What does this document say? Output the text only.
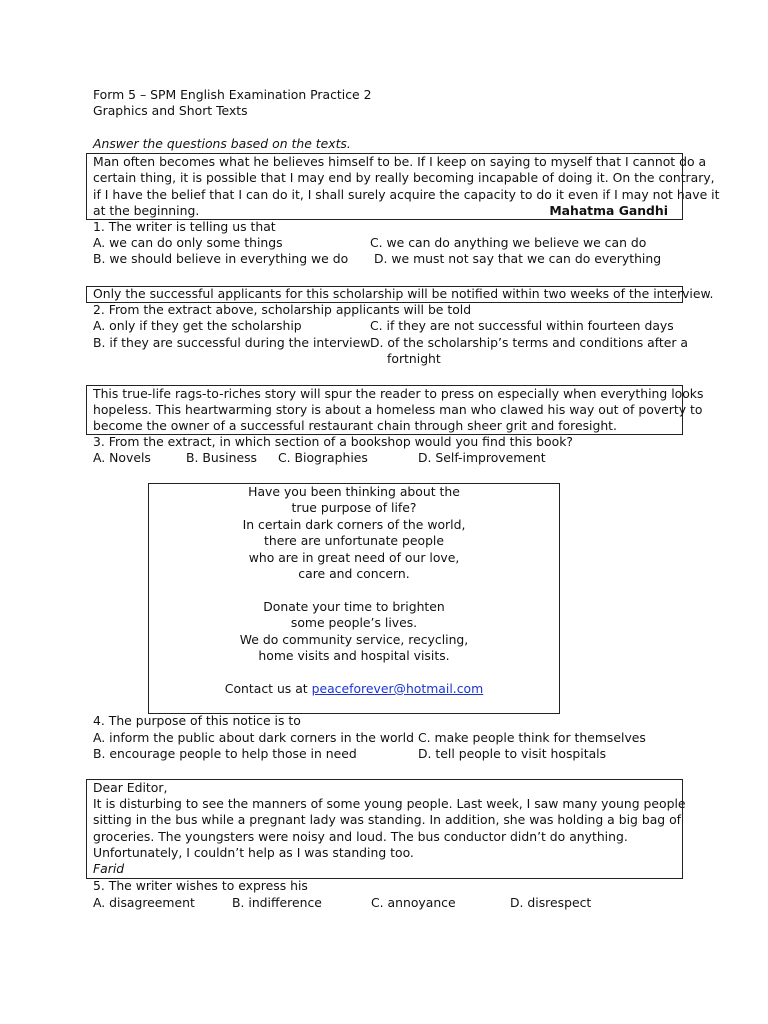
Form 5 – SPM English Examination Practice 2
Graphics and Short Texts
Answer the questions based on the texts.
Man often becomes what he believes himself to be. If I keep on saying to myself that I cannot do a
certain thing, it is possible that I may end by really becoming incapable of doing it. On the contrary,
if I have the belief that I can do it, I shall surely acquire the capacity to do it even if I may not have it
at the beginning.	Mahatma Gandhi
1. The writer is telling us that
A. we can do only some things	C. we can do anything we believe we can do
B. we should believe in everything we do D. we must not say that we can do everything
Only the successful applicants for this scholarship will be notified within two weeks of the interview.
2. From the extract above, scholarship applicants will be told
A. only if they get the scholarship	C. if they are not successful within fourteen days
B. if they are successful during the interview D. of the scholarship’s terms and conditions after a
fortnight
This true-life rags-to-riches story will spur the reader to press on especially when everything looks
hopeless. This heartwarming story is about a homeless man who clawed his way out of poverty to
become the owner of a successful restaurant chain through sheer grit and foresight.
3. From the extract, in which section of a bookshop would you find this book?
A. Novels	B. Business C. Biographies	D. Self-improvement
Have you been thinking about the
true purpose of life?
In certain dark corners of the world,
there are unfortunate people
who are in great need of our love,
care and concern.
Donate your time to brighten
some people’s lives.
We do community service, recycling,
home visits and hospital visits.
Contact us at peaceforever@hotmail.com
4. The purpose of this notice is to
A. inform the public about dark corners in the world C. make people think for themselves
B. encourage people to help those in need	D. tell people to visit hospitals
Dear Editor,
It is disturbing to see the manners of some young people. Last week, I saw many young people
sitting in the bus while a pregnant lady was standing. In addition, she was holding a big bag of
groceries. The youngsters were noisy and loud. The bus conductor didn’t do anything.
Unfortunately, I couldn’t help as I was standing too.
Farid
5. The writer wishes to express his
A. disagreement	B. indifference	C. annoyance	D. disrespect
